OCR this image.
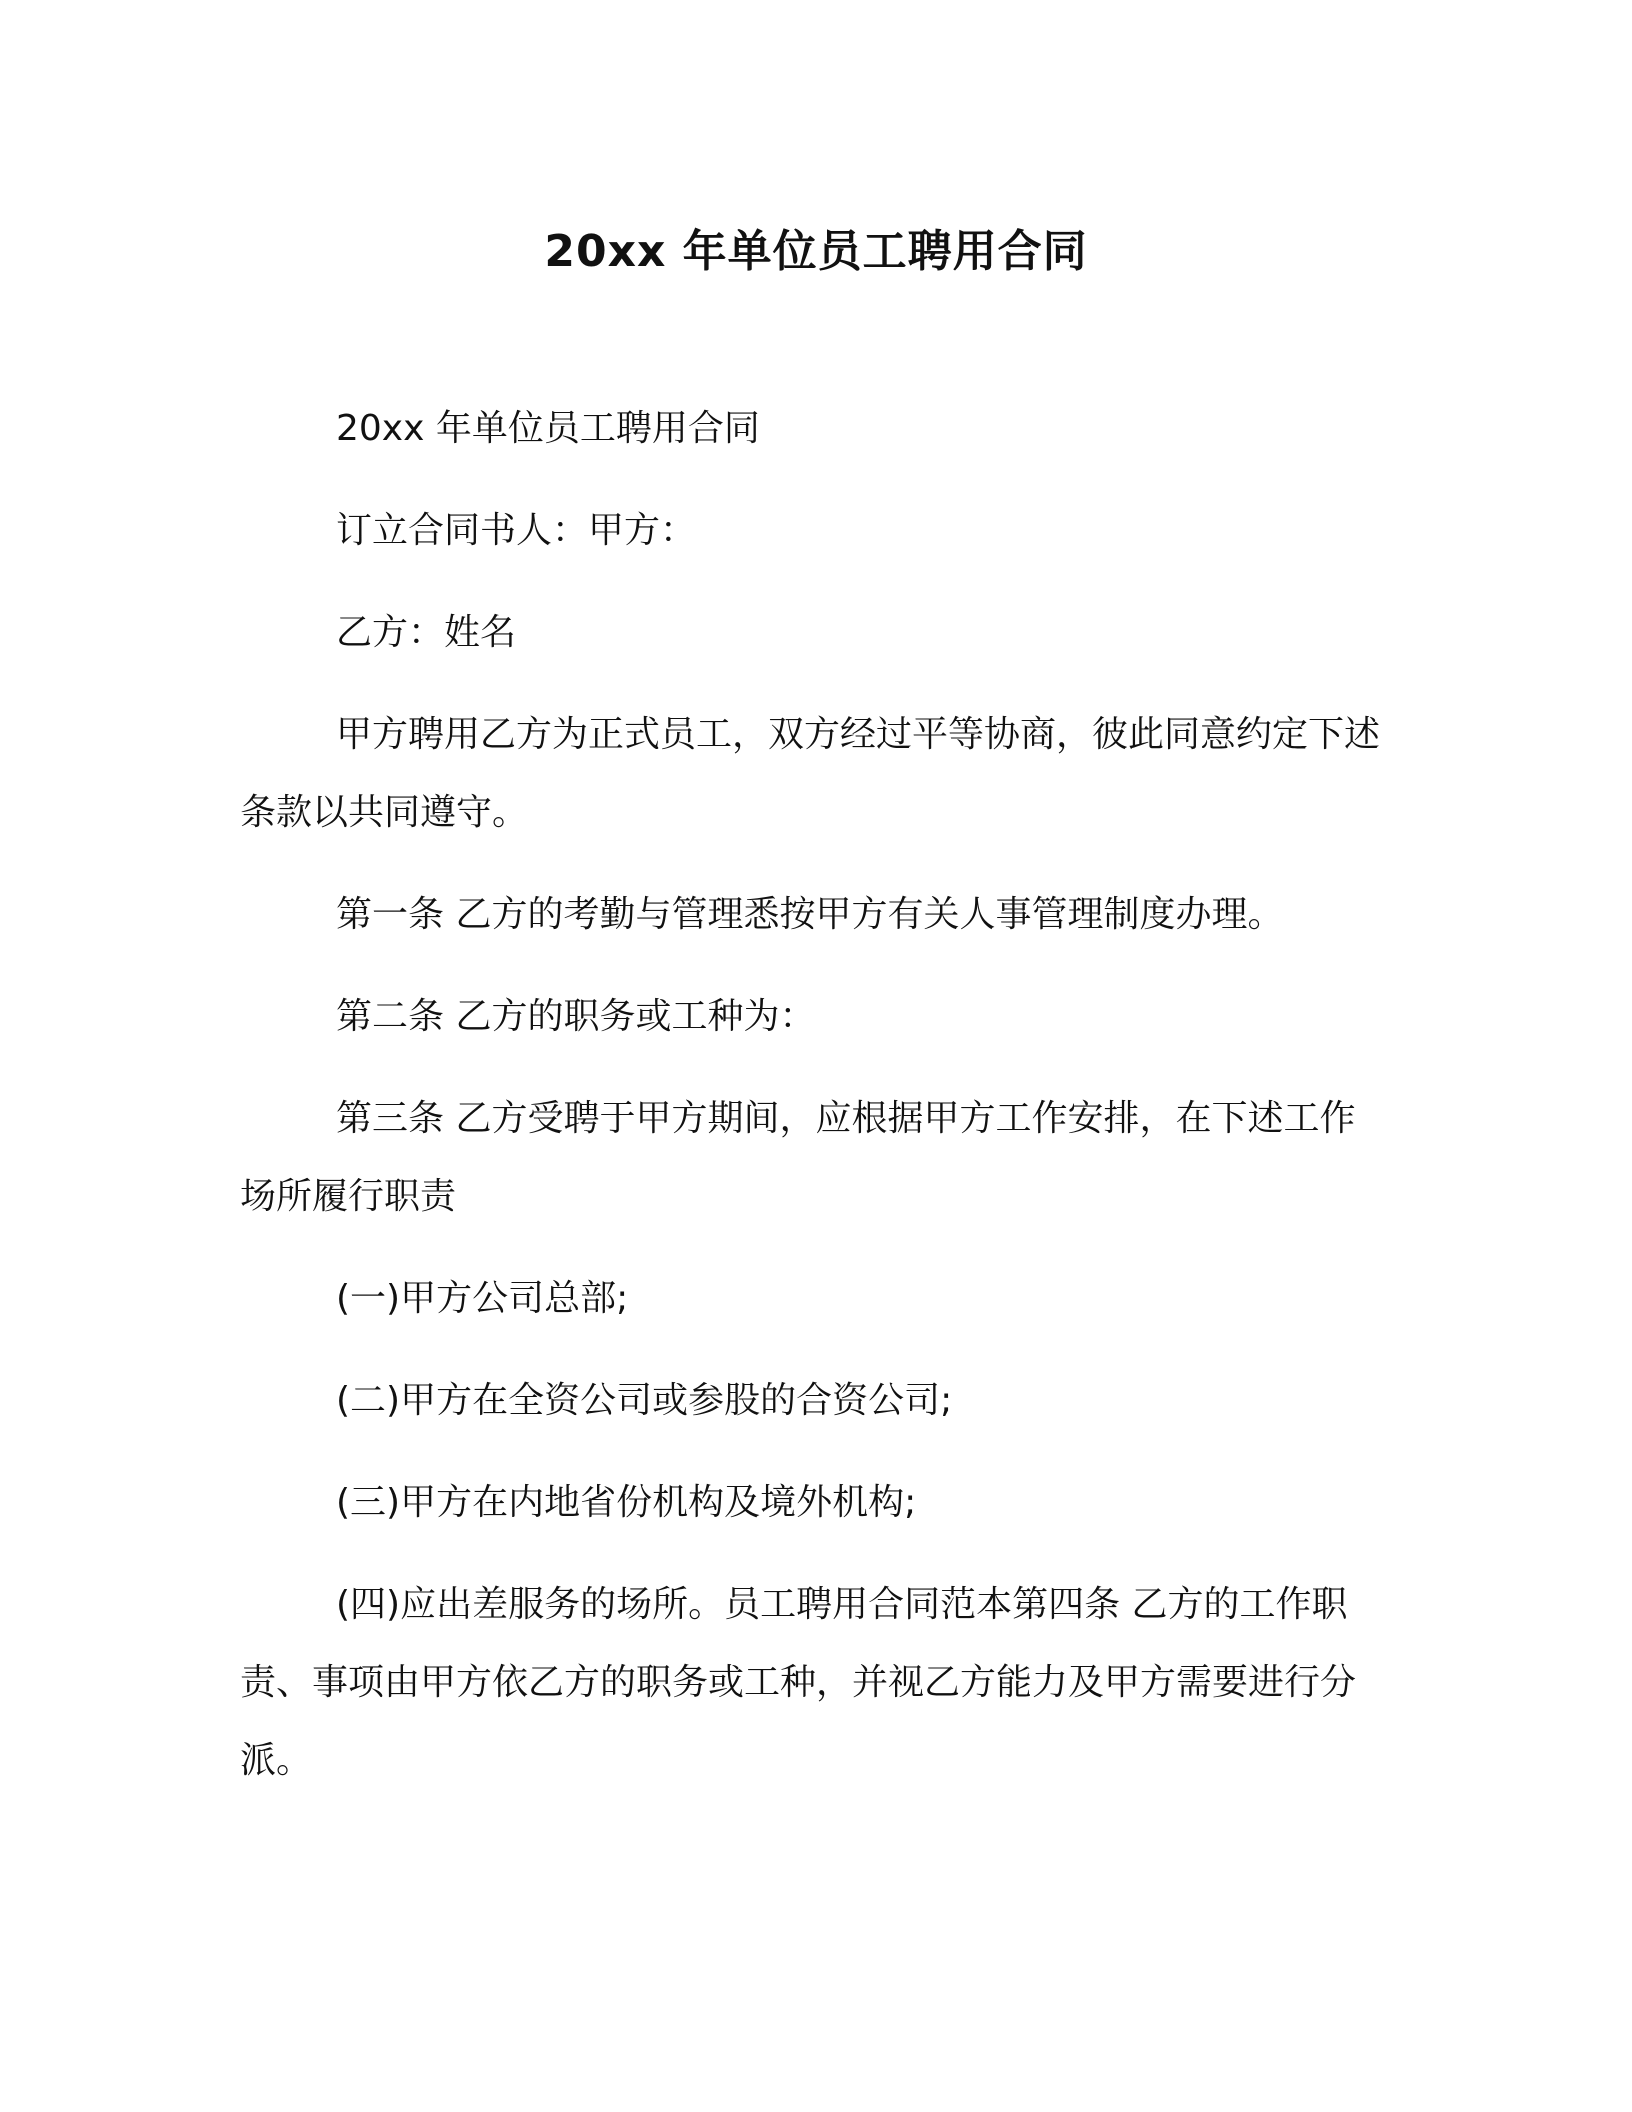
20xx 年单位员工聘用合同
20xx 年单位员工聘用合同
订立合同书人：甲方：
乙方：姓名
甲方聘用乙方为正式员工，双方经过平等协商，彼此同意约定下述条款以共同遵守。
第一条 乙方的考勤与管理悉按甲方有关人事管理制度办理。
第二条 乙方的职务或工种为：
第三条 乙方受聘于甲方期间，应根据甲方工作安排，在下述工作场所履行职责
(一)甲方公司总部;
(二)甲方在全资公司或参股的合资公司;
(三)甲方在内地省份机构及境外机构;
(四)应出差服务的场所。员工聘用合同范本第四条 乙方的工作职责、事项由甲方依乙方的职务或工种，并视乙方能力及甲方需要进行分派。
